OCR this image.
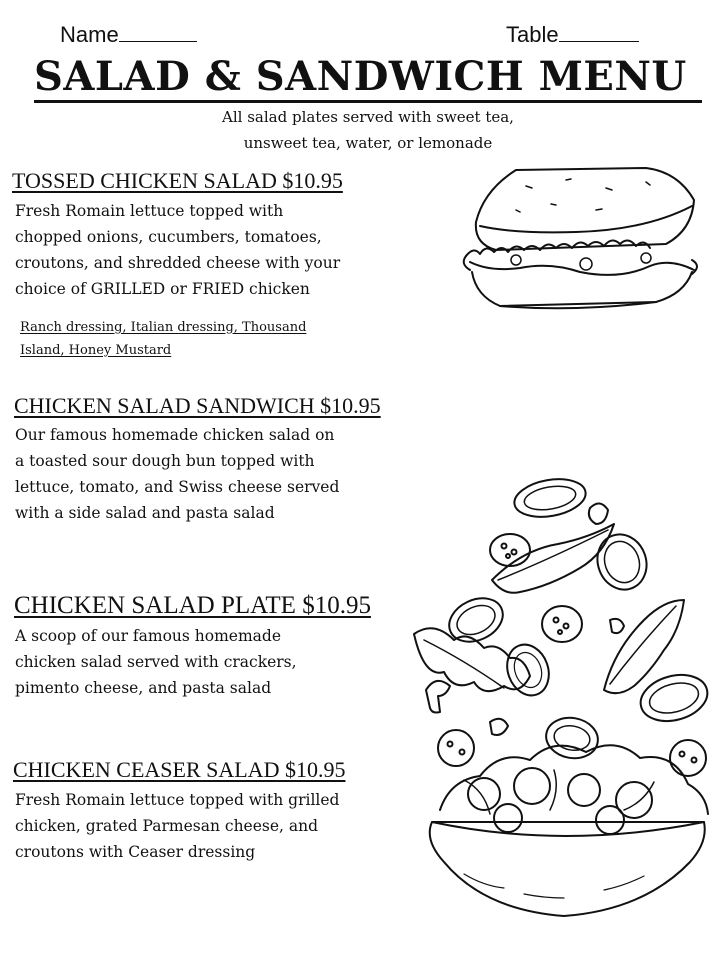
Name	Table
SALAD & SANDWICH MENU
All salad plates served with sweet tea,
unsweet tea, water, or lemonade
TOSSED CHICKEN SALAD $10.95
Fresh Romain lettuce topped with
chopped onions, cucumbers, tomatoes,
croutons, and shredded cheese with your
choice of GRILLED or FRIED chicken
Ranch dressing, Italian dressing, Thousand
Island, Honey Mustard
CHICKEN SALAD SANDWICH $10.95
Our famous homemade chicken salad on
a toasted sour dough bun topped with
lettuce, tomato, and Swiss cheese served
with a side salad and pasta salad
CHICKEN SALAD PLATE $10.95
A scoop of our famous homemade
chicken salad served with crackers,
pimento cheese, and pasta salad
CHICKEN CEASER SALAD $10.95
Fresh Romain lettuce topped with grilled
chicken, grated Parmesan cheese, and
croutons with Ceaser dressing
